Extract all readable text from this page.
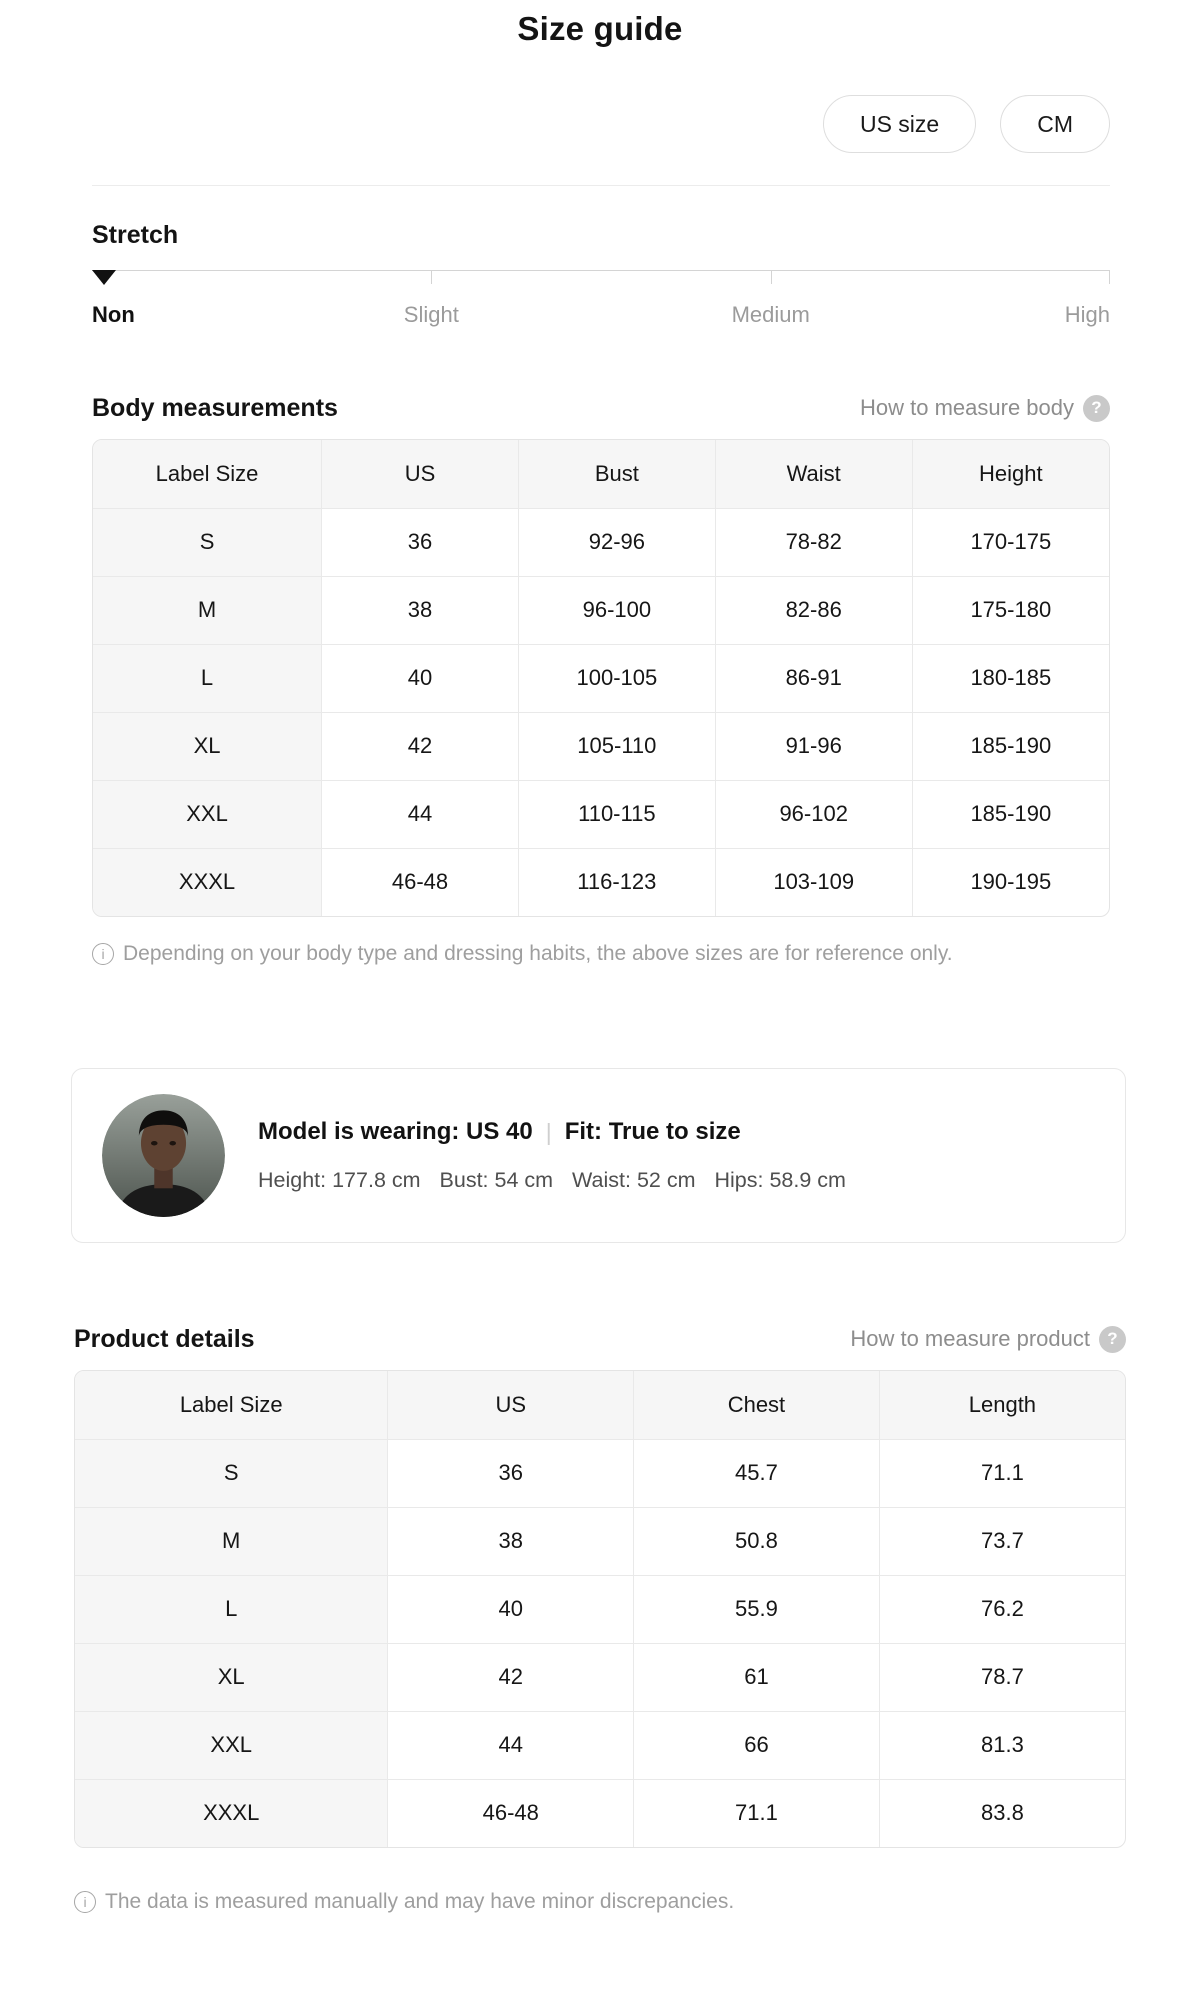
Size guide
US size	CM
Stretch
Non	Slight	Medium	High
Body measurements	How to measure body	?
Label Size	US	Bust	Waist	Height
S	36	92-96	78-82	170-175
M	38	96-100	82-86	175-180
L	40	100-105	86-91	180-185
XL	42	105-110	91-96	185-190
XXL	44	110-115	96-102	185-190
XXXL	46-48	116-123	103-109	190-195
i Depending on your body type and dressing habits, the above sizes are for reference only.
Model is wearing: US 40 | Fit: True to size
Height: 177.8 cm Bust: 54 cm Waist: 52 cm Hips: 58.9 cm
Product details	How to measure product	?
Label Size	US	Chest	Length
S	36	45.7	71.1
M	38	50.8	73.7
L	40	55.9	76.2
XL	42	61	78.7
XXL	44	66	81.3
XXXL	46-48	71.1	83.8
i The data is measured manually and may have minor discrepancies.
